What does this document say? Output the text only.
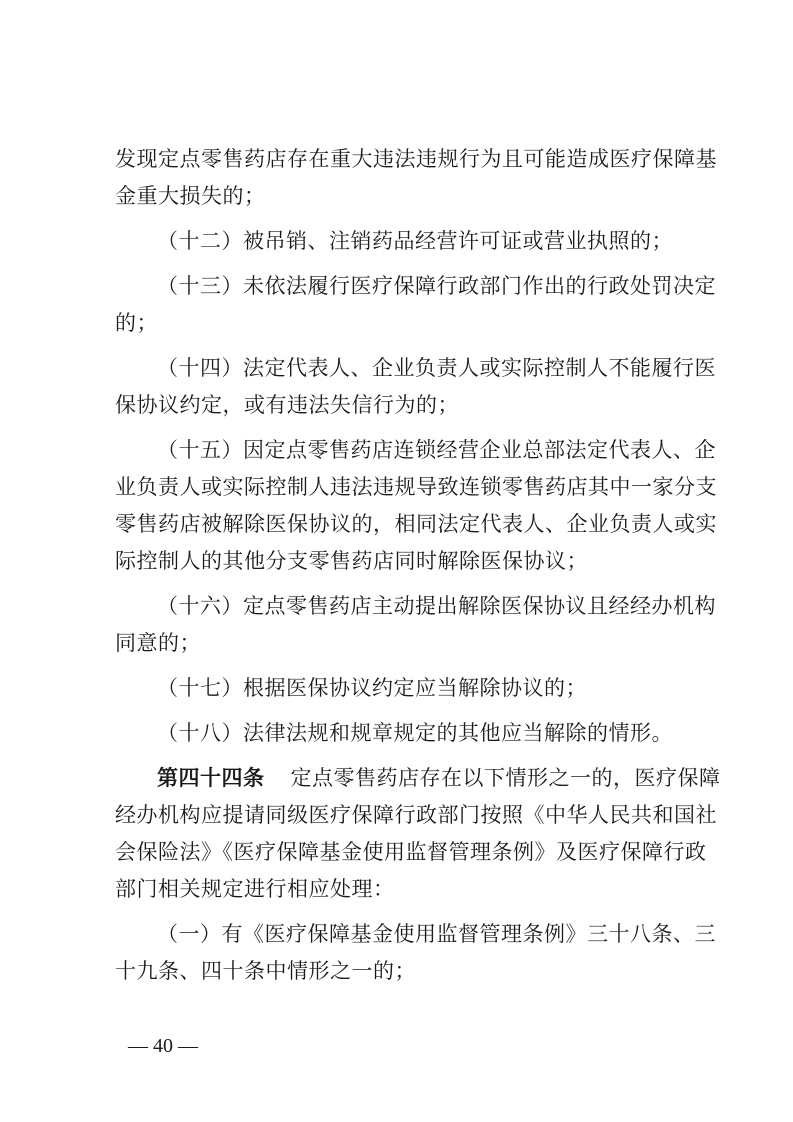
发现定点零售药店存在重大违法违规行为且可能造成医疗保障基
金重大损失的；
（十二）被吊销、注销药品经营许可证或营业执照的；
（十三）未依法履行医疗保障行政部门作出的行政处罚决定
的；
（十四）法定代表人、企业负责人或实际控制人不能履行医
保协议约定，或有违法失信行为的；
（十五）因定点零售药店连锁经营企业总部法定代表人、企
业负责人或实际控制人违法违规导致连锁零售药店其中一家分支
零售药店被解除医保协议的，相同法定代表人、企业负责人或实
际控制人的其他分支零售药店同时解除医保协议；
（十六）定点零售药店主动提出解除医保协议且经经办机构
同意的；
（十七）根据医保协议约定应当解除协议的；
（十八）法律法规和规章规定的其他应当解除的情形。
第四十四条 定点零售药店存在以下情形之一的，医疗保障
经办机构应提请同级医疗保障行政部门按照《中华人民共和国社
会保险法》《医疗保障基金使用监督管理条例》及医疗保障行政
部门相关规定进行相应处理：
（一）有《医疗保障基金使用监督管理条例》三十八条、三
十九条、四十条中情形之一的；
— 40 —
